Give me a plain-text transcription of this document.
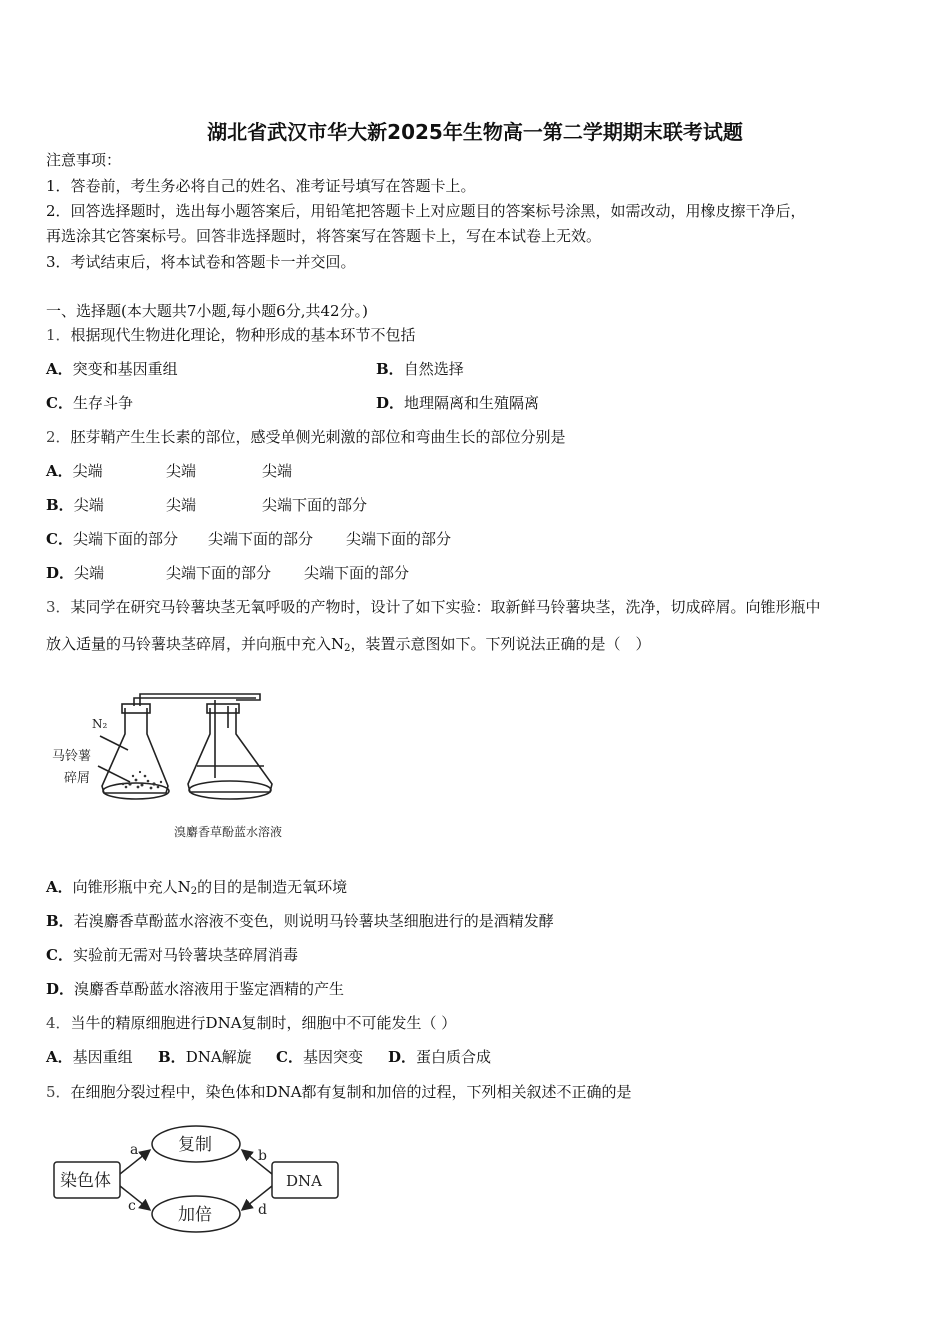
湖北省武汉市华大新2025年生物高一第二学期期末联考试题
注意事项：
1．答卷前，考生务必将自己的姓名、准考证号填写在答题卡上。
2．回答选择题时，选出每小题答案后，用铅笔把答题卡上对应题目的答案标号涂黑，如需改动，用橡皮擦干净后，
再选涂其它答案标号。回答非选择题时，将答案写在答题卡上，写在本试卷上无效。
3．考试结束后，将本试卷和答题卡一并交回。
一、选择题(本大题共7小题,每小题6分,共42分。)
1．根据现代生物进化理论，物种形成的基本环节不包括
A．突变和基因重组	B．自然选择
C．生存斗争	D．地理隔离和生殖隔离
2．胚芽鞘产生生长素的部位，感受单侧光刺激的部位和弯曲生长的部位分别是
A．尖端	尖端	尖端
B．尖端	尖端	尖端下面的部分
C．尖端下面的部分 尖端下面的部分 尖端下面的部分
D．尖端	尖端下面的部分 尖端下面的部分
3．某同学在研究马铃薯块茎无氧呼吸的产物时，设计了如下实验：取新鲜马铃薯块茎，洗净，切成碎屑。向锥形瓶中
放入适量的马铃薯块茎碎屑，并向瓶中充入$N_2$，装置示意图如下。下列说法正确的是（　）
N₂
马铃薯
碎屑
溴麝香草酚蓝水溶液
A．向锥形瓶中充人$N_2$的目的是制造无氧环境
B．若溴麝香草酚蓝水溶液不变色，则说明马铃薯块茎细胞进行的是酒精发酵
C．实验前无需对马铃薯块茎碎屑消毒
D．溴麝香草酚蓝水溶液用于鉴定酒精的产生
4．当牛的精原细胞进行DNA复制时，细胞中不可能发生（ ）
A．基因重组 B．DNA解旋 C．基因突变 D．蛋白质合成
5．在细胞分裂过程中，染色体和DNA都有复制和加倍的过程，下列相关叙述不正确的是
染色体	DNA
复制
加倍
a	b
c	d
